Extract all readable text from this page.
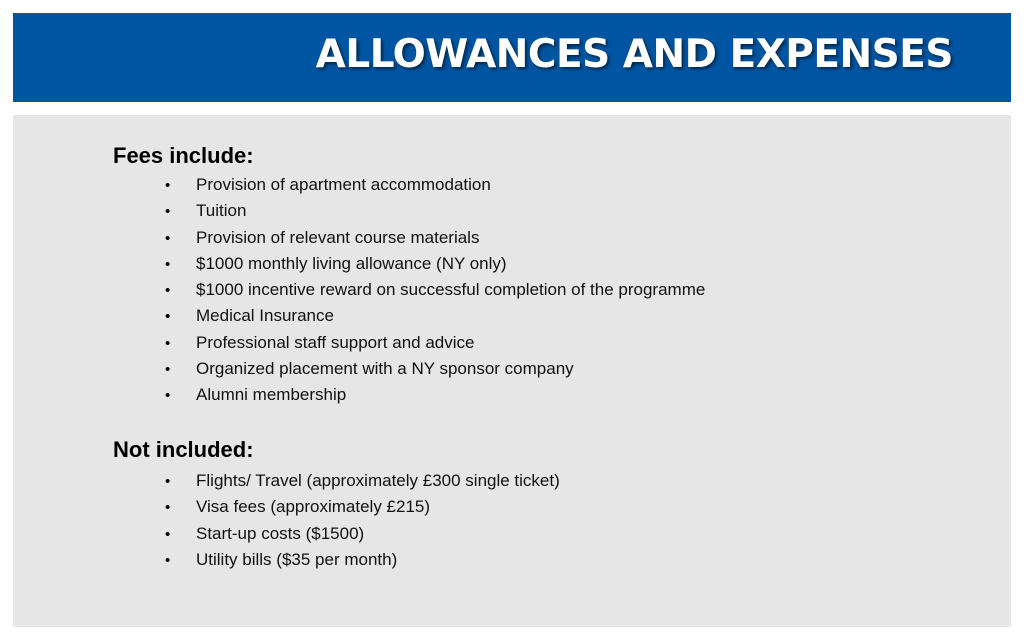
ALLOWANCES AND EXPENSES
Fees include:
• Provision of apartment accommodation
• Tuition
• Provision of relevant course materials
• $1000 monthly living allowance (NY only)
• $1000 incentive reward on successful completion of the programme
• Medical Insurance
• Professional staff support and advice
• Organized placement with a NY sponsor company
• Alumni membership
Not included:
• Flights/ Travel (approximately £300 single ticket)
• Visa fees (approximately £215)
• Start-up costs ($1500)
• Utility bills ($35 per month)
